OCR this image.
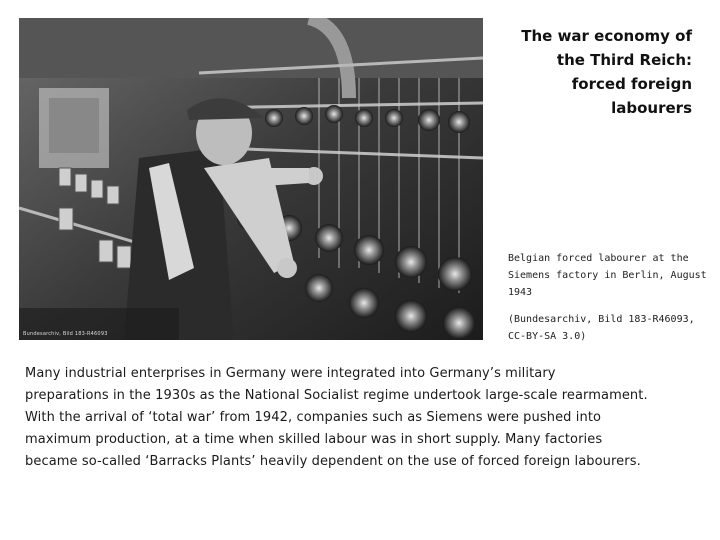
Bundesarchiv, Bild 183-R46093
The war economy of
the Third Reich:
forced foreign
labourers

Belgian forced labourer at the Siemens factory in Berlin, August 1943

(Bundesarchiv, Bild 183-R46093, CC-BY-SA 3.0)

Many industrial enterprises in Germany were integrated into Germany’s military

preparations in the 1930s as the National Socialist regime undertook large-scale rearmament.

With the arrival of ‘total war’ from 1942, companies such as Siemens were pushed into

maximum production, at a time when skilled labour was in short supply. Many factories

became so-called ‘Barracks Plants’ heavily dependent on the use of forced foreign labourers.
